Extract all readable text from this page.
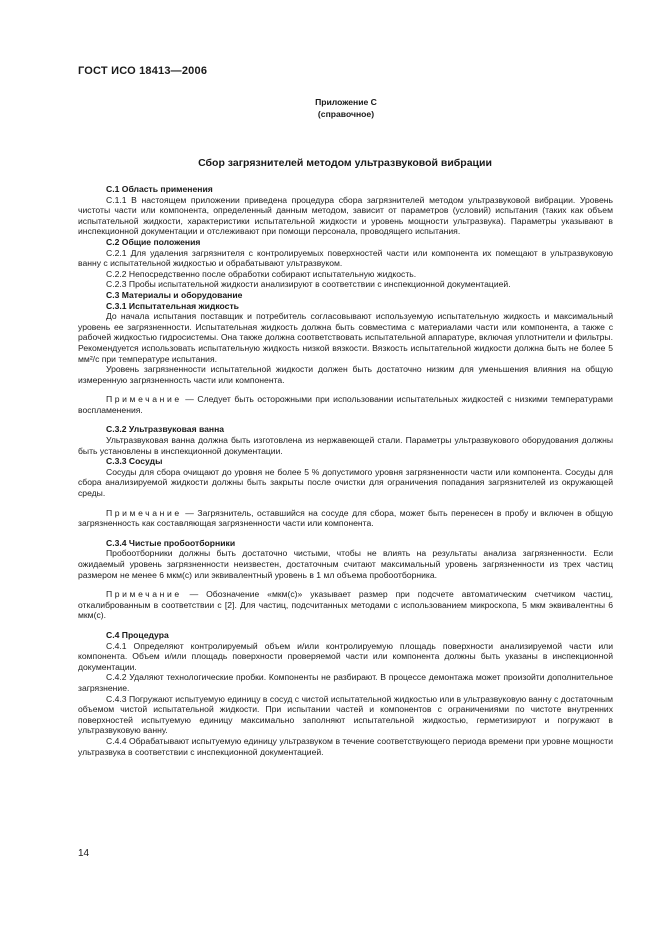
ГОСТ ИСО 18413—2006
Приложение С
(справочное)
Сбор загрязнителей методом ультразвуковой вибрации

С.1 Область применения

С.1.1 В настоящем приложении приведена процедура сбора загрязнителей методом ультразвуковой вибрации. Уровень чистоты части или компонента, определенный данным методом, зависит от параметров (условий) испытания (таких как объем испытательной жидкости, характеристики испытательной жидкости и уровень мощности ультразвука). Параметры указывают в инспекционной документации и отслеживают при помощи персонала, проводящего испытания.

С.2 Общие положения

С.2.1 Для удаления загрязнителя с контролируемых поверхностей части или компонента их помещают в ультразвуковую ванну с испытательной жидкостью и обрабатывают ультразвуком.

С.2.2 Непосредственно после обработки собирают испытательную жидкость.

С.2.3 Пробы испытательной жидкости анализируют в соответствии с инспекционной документацией.

С.3 Материалы и оборудование

С.3.1 Испытательная жидкость

До начала испытания поставщик и потребитель согласовывают используемую испытательную жидкость и максимальный уровень ее загрязненности. Испытательная жидкость должна быть совместима с материалами части или компонента, а также с рабочей жидкостью гидросистемы. Она также должна соответствовать испытательной аппаратуре, включая уплотнители и фильтры. Рекомендуется использовать испытательную жидкость низкой вязкости. Вязкость испытательной жидкости должна быть не более 5 мм²/с при температуре испытания.

Уровень загрязненности испытательной жидкости должен быть достаточно низким для уменьшения влияния на общую измеренную загрязненность части или компонента.

Примечание — Следует быть осторожными при использовании испытательных жидкостей с низкими температурами воспламенения.

С.3.2 Ультразвуковая ванна

Ультразвуковая ванна должна быть изготовлена из нержавеющей стали. Параметры ультразвукового оборудования должны быть установлены в инспекционной документации.

С.3.3 Сосуды

Сосуды для сбора очищают до уровня не более 5 % допустимого уровня загрязненности части или компонента. Сосуды для сбора анализируемой жидкости должны быть закрыты после очистки для ограничения попадания загрязнителей из окружающей среды.

Примечание — Загрязнитель, оставшийся на сосуде для сбора, может быть перенесен в пробу и включен в общую загрязненность как составляющая загрязненности части или компонента.

С.3.4 Чистые пробоотборники

Пробоотборники должны быть достаточно чистыми, чтобы не влиять на результаты анализа загрязненности. Если ожидаемый уровень загрязненности неизвестен, достаточным считают максимальный уровень загрязненности из трех частиц размером не менее 6 мкм(с) или эквивалентный уровень в 1 мл объема пробоотборника.

Примечание — Обозначение «мкм(с)» указывает размер при подсчете автоматическим счетчиком частиц, откалиброванным в соответствии с [2]. Для частиц, подсчитанных методами с использованием микроскопа, 5 мкм эквивалентны 6 мкм(с).

С.4 Процедура

С.4.1 Определяют контролируемый объем и/или контролируемую площадь поверхности анализируемой части или компонента. Объем и/или площадь поверхности проверяемой части или компонента должны быть указаны в инспекционной документации.

С.4.2 Удаляют технологические пробки. Компоненты не разбирают. В процессе демонтажа может произойти дополнительное загрязнение.

С.4.3 Погружают испытуемую единицу в сосуд с чистой испытательной жидкостью или в ультразвуковую ванну с достаточным объемом чистой испытательной жидкости. При испытании частей и компонентов с ограничениями по чистоте внутренних поверхностей испытуемую единицу максимально заполняют испытательной жидкостью, герметизируют и погружают в ультразвуковую ванну.

С.4.4 Обрабатывают испытуемую единицу ультразвуком в течение соответствующего периода времени при уровне мощности ультразвука в соответствии с инспекционной документацией.

14
